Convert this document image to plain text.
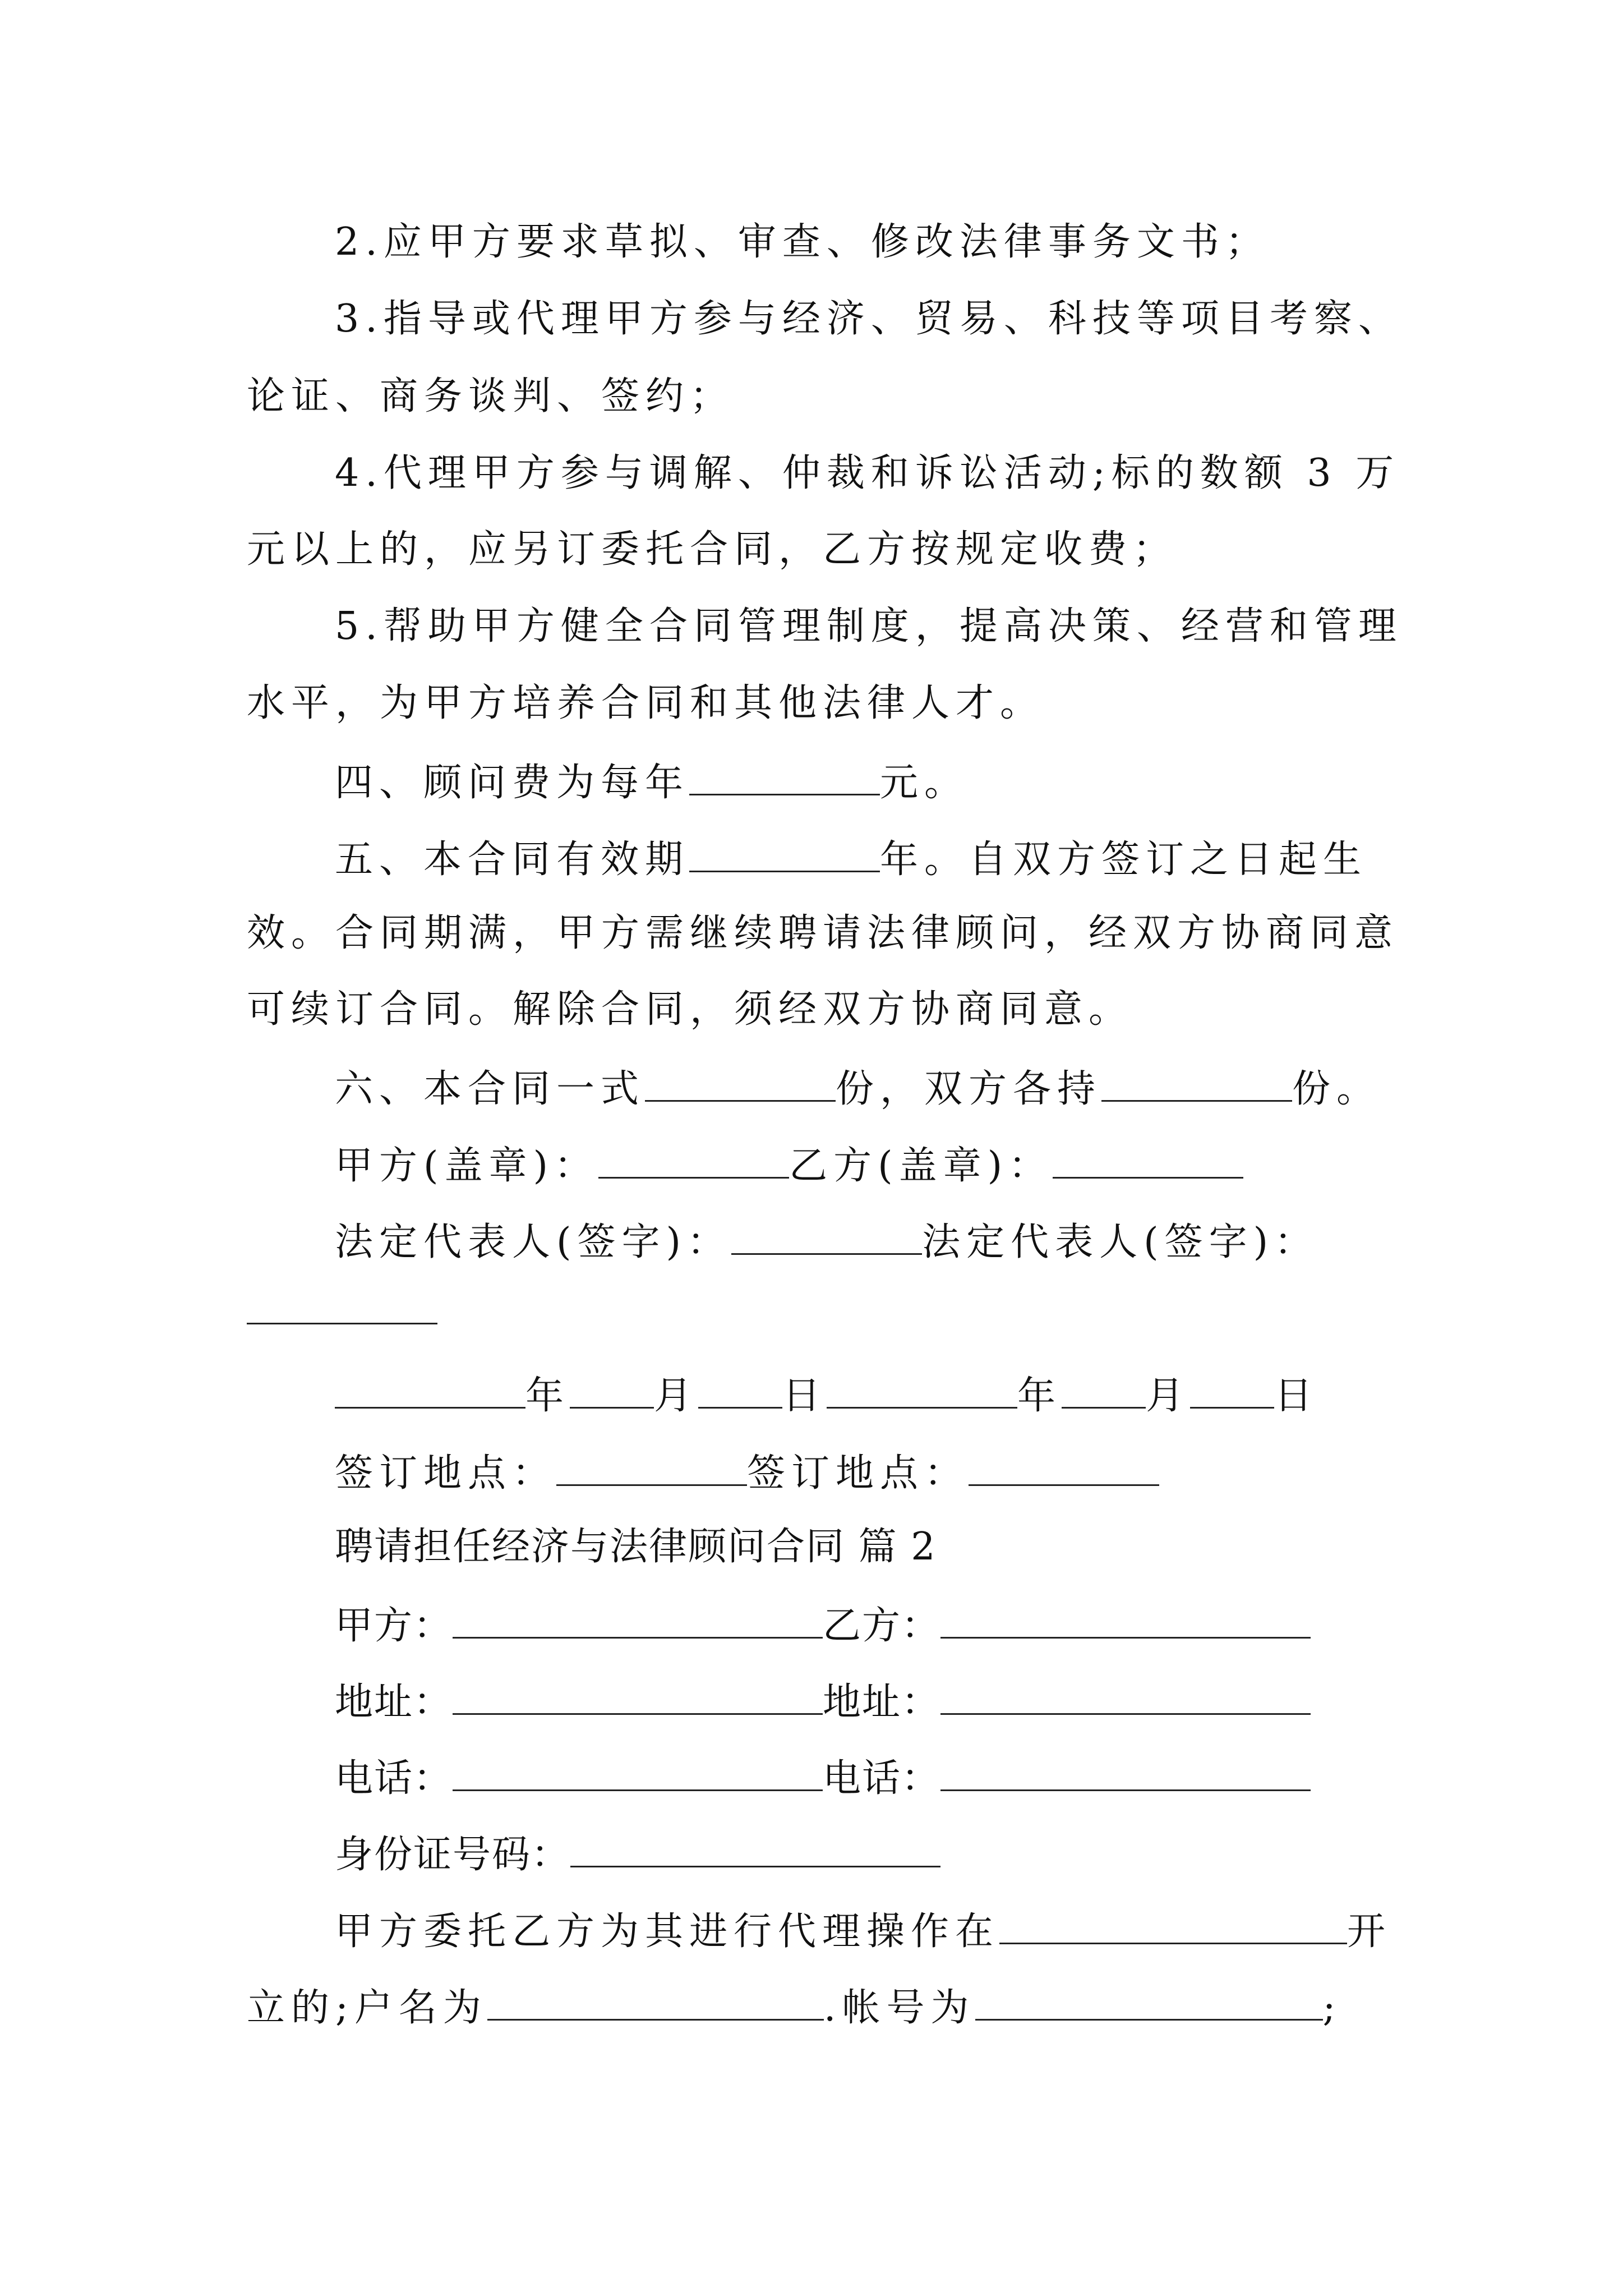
2.应甲方要求草拟、审查、修改法律事务文书；
3.指导或代理甲方参与经济、贸易、科技等项目考察、
论证、商务谈判、签约；
4.代理甲方参与调解、仲裁和诉讼活动;标的数额 3 万
元以上的，应另订委托合同，乙方按规定收费；
5.帮助甲方健全合同管理制度，提高决策、经营和管理
水平，为甲方培养合同和其他法律人才。
四、顾问费为每年	元。
五、本合同有效期	年。自双方签订之日起生
效。合同期满，甲方需继续聘请法律顾问，经双方协商同意
可续订合同。解除合同，须经双方协商同意。
六、本合同一式	份，双方各持	份。
甲方(盖章)：	乙方(盖章)：
法定代表人(签字)：	法定代表人(签字)：
年 月 日	年 月 日
签订地点：	签订地点：
聘请担任经济与法律顾问合同 篇 2
甲方：	乙方：
地址：	地址：
电话：	电话：
身份证号码：
甲方委托乙方为其进行代理操作在	开
立的;户名为	.帐号为	;
